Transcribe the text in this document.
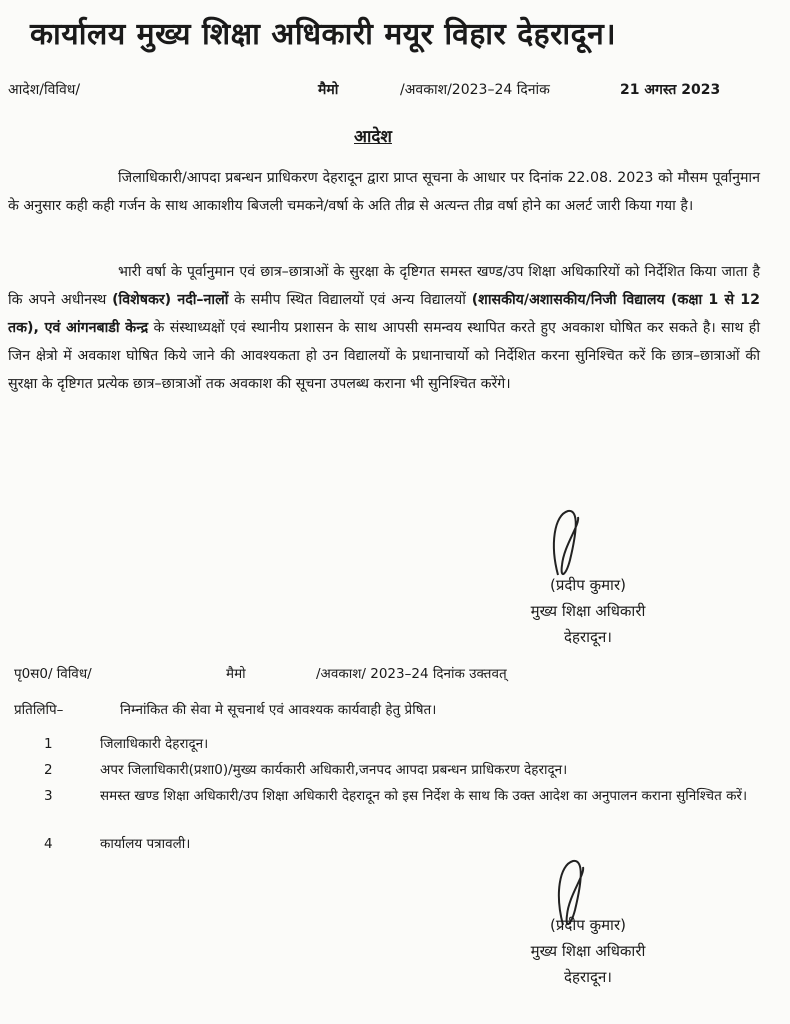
कार्यालय मुख्य शिक्षा अधिकारी मयूर विहार देहरादून।
आदेश/विविध/	मैमो	/अवकाश/2023–24 दिनांक	21 अगस्त 2023
आदेश
जिलाधिकारी/आपदा प्रबन्धन प्राधिकरण देहरादून द्वारा प्राप्त सूचना के आधार पर दिनांक 22.08. 2023 को मौसम पूर्वानुमान के अनुसार कही कही गर्जन के साथ आकाशीय बिजली चमकने/वर्षा के अति तीव्र से अत्यन्त तीव्र वर्षा होने का अलर्ट जारी किया गया है।
भारी वर्षा के पूर्वानुमान एवं छात्र–छात्राओं के सुरक्षा के दृष्टिगत समस्त खण्ड/उप शिक्षा अधिकारियों को निर्देशित किया जाता है कि अपने अधीनस्थ (विशेषकर) नदी–नालों के समीप स्थित विद्यालयों एवं अन्य विद्यालयों (शासकीय/अशासकीय/निजी विद्यालय (कक्षा 1 से 12 तक), एवं आंगनबाडी केन्द्र के संस्थाध्यक्षों एवं स्थानीय प्रशासन के साथ आपसी समन्वय स्थापित करते हुए अवकाश घोषित कर सकते है। साथ ही जिन क्षेत्रो में अवकाश घोषित किये जाने की आवश्यकता हो उन विद्यालयों के प्रधानाचार्यो को निर्देशित करना सुनिश्चित करें कि छात्र–छात्राओं की सुरक्षा के दृष्टिगत प्रत्येक छात्र–छात्राओं तक अवकाश की सूचना उपलब्ध कराना भी सुनिश्चित करेंगे।
(प्रदीप कुमार)
मुख्य शिक्षा अधिकारी
देहरादून।
पृ0स0/ विविध/	मैमो	/अवकाश/ 2023–24 दिनांक उक्तवत्
प्रतिलिपि–	निम्नांकित की सेवा मे सूचनार्थ एवं आवश्यक कार्यवाही हेतु प्रेषित।
1	जिलाधिकारी देहरादून।
2	अपर जिलाधिकारी(प्रशा0)/मुख्य कार्यकारी अधिकारी,जनपद आपदा प्रबन्धन प्राधिकरण देहरादून।
3	समस्त खण्ड शिक्षा अधिकारी/उप शिक्षा अधिकारी देहरादून को इस निर्देश के साथ कि उक्त आदेश का अनुपालन कराना सुनिश्चित करें।
4	कार्यालय पत्रावली।
(प्रदीप कुमार)
मुख्य शिक्षा अधिकारी
देहरादून।
